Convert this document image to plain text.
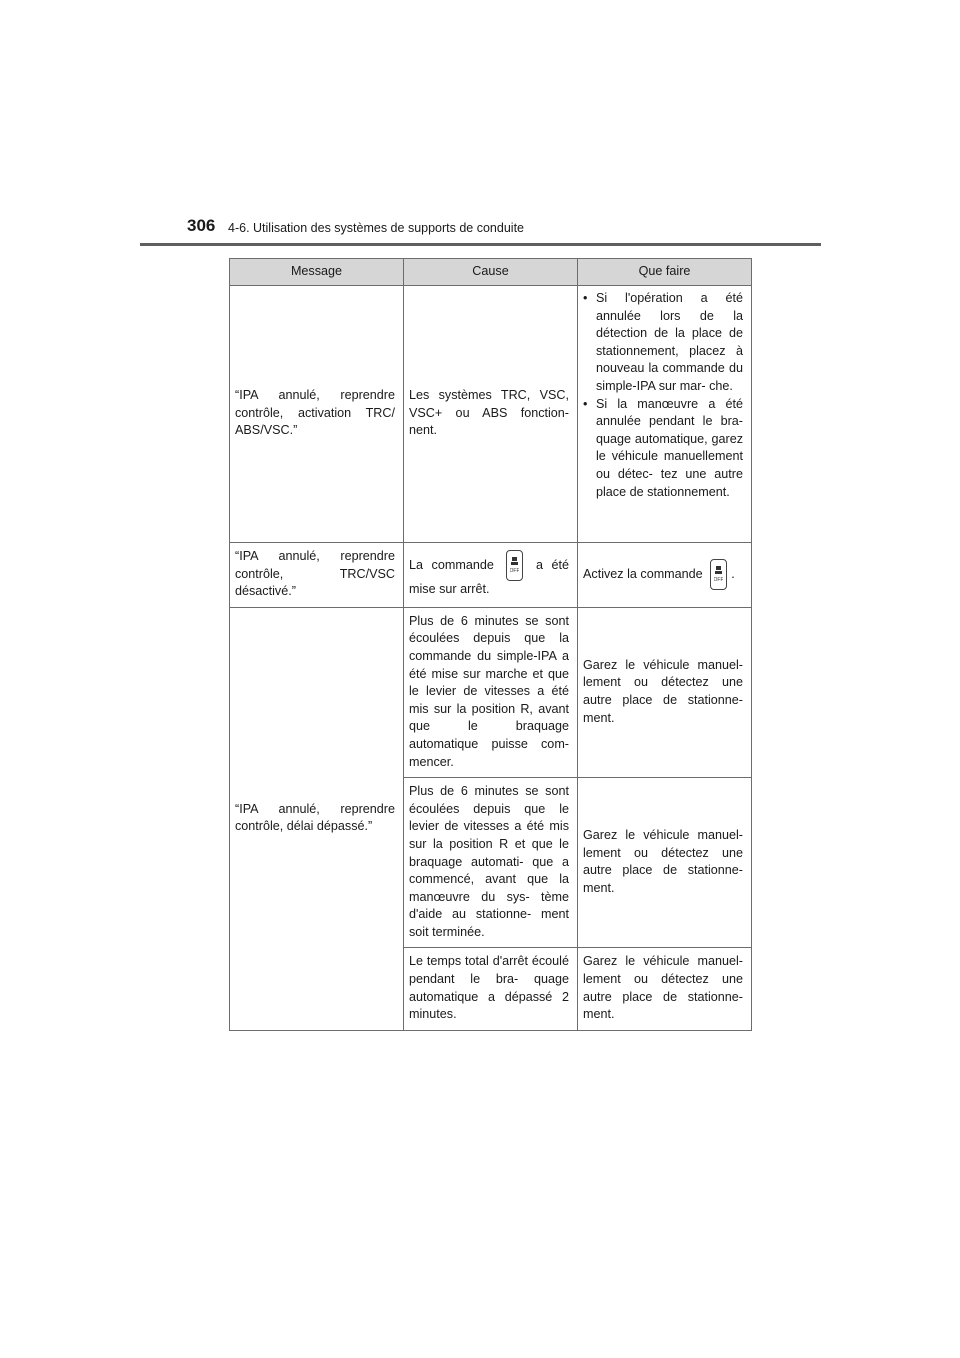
306 4-6. Utilisation des systèmes de supports de conduite
Message	Cause	Que faire
“IPA annulé, reprendre contrôle, activation TRC/ ABS/VSC.”	Les systèmes TRC, VSC, VSC+ ou ABS fonction- nent.	• Si l'opération a été annulée lors de la détection de la place de stationnement, placez à nouveau la commande du simple-IPA sur mar- che.
• Si la manœuvre a été annulée pendant le bra- quage automatique, garez le véhicule manuellement ou détec- tez une autre place de stationnement.

“IPA annulé, reprendre contrôle, TRC/VSC désactivé.”	La commande OFF a été mise sur arrêt.	Activez la commande OFF .
“IPA annulé, reprendre contrôle, délai dépassé.”	Plus de 6 minutes se sont écoulées depuis que la commande du simple-IPA a été mise sur marche et que le levier de vitesses a été mis sur la position R, avant que le braquage automatique puisse com- mencer.	Garez le véhicule manuel- lement ou détectez une autre place de stationne- ment.
	Plus de 6 minutes se sont écoulées depuis que le levier de vitesses a été mis sur la position R et que le braquage automati- que a commencé, avant que la manœuvre du sys- tème d'aide au stationne- ment soit terminée.	Garez le véhicule manuel- lement ou détectez une autre place de stationne- ment.
	Le temps total d'arrêt écoulé pendant le bra- quage automatique a dépassé 2 minutes.	Garez le véhicule manuel- lement ou détectez une autre place de stationne- ment.
